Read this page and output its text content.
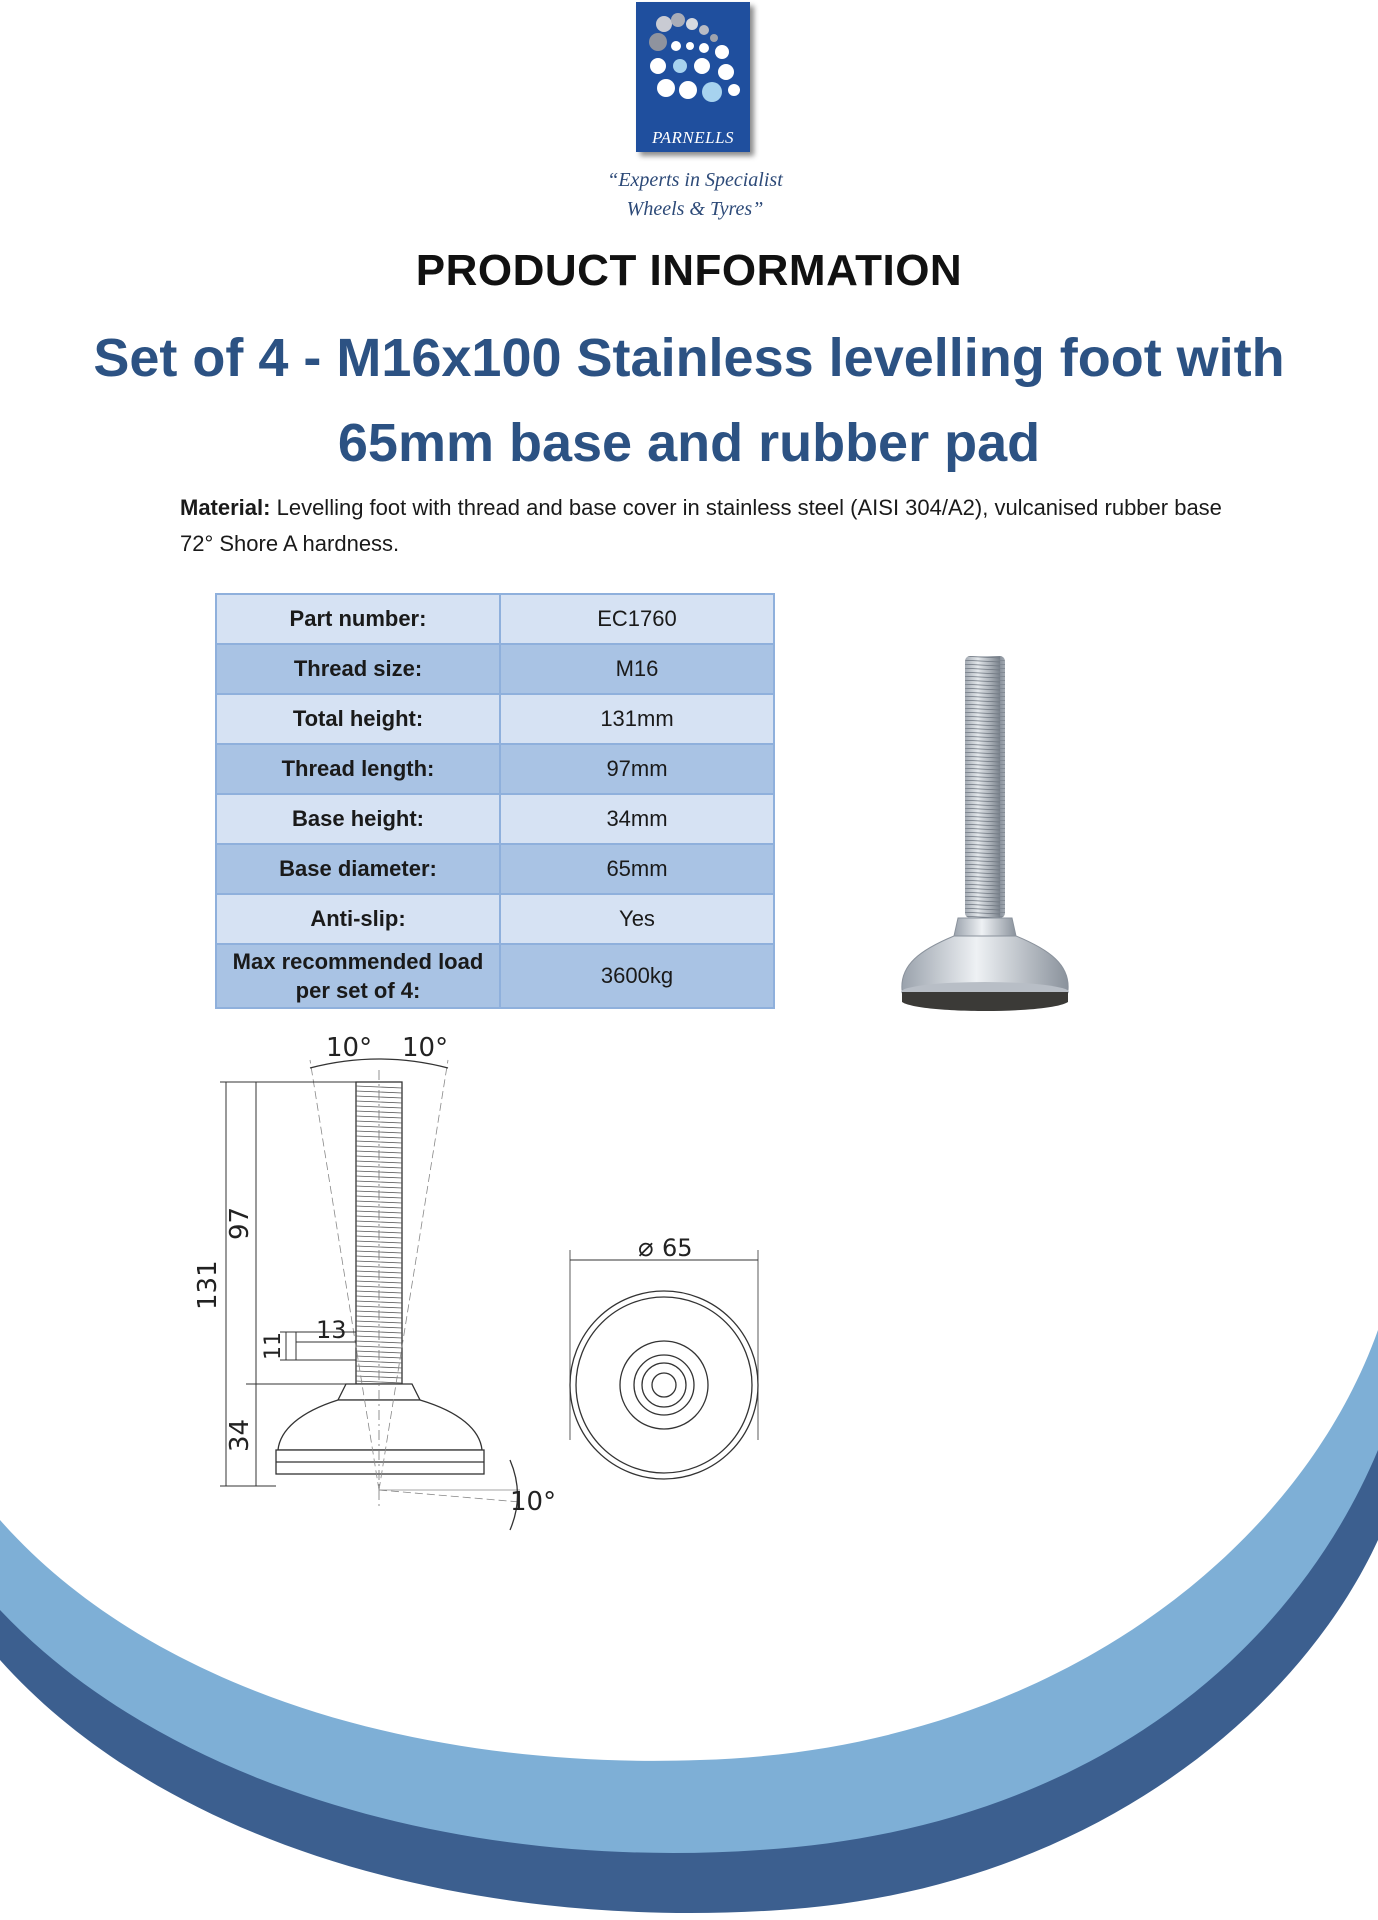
PARNELLS
“Experts in Specialist
Wheels & Tyres”
PRODUCT INFORMATION
Set of 4 - M16x100 Stainless levelling foot with
65mm base and rubber pad
Material: Levelling foot with thread and base cover in stainless steel (AISI 304/A2), vulcanised rubber base 72° Shore A hardness.
Part number:	EC1760
Thread size:	M16
Total height:	131mm
Thread length:	97mm
Base height:	34mm
Base diameter:	65mm
Anti-slip:	Yes

Max recommended load
per set of 4:	3600kg
10° 10°
131
97
11
13
34
10°
⌀ 65
